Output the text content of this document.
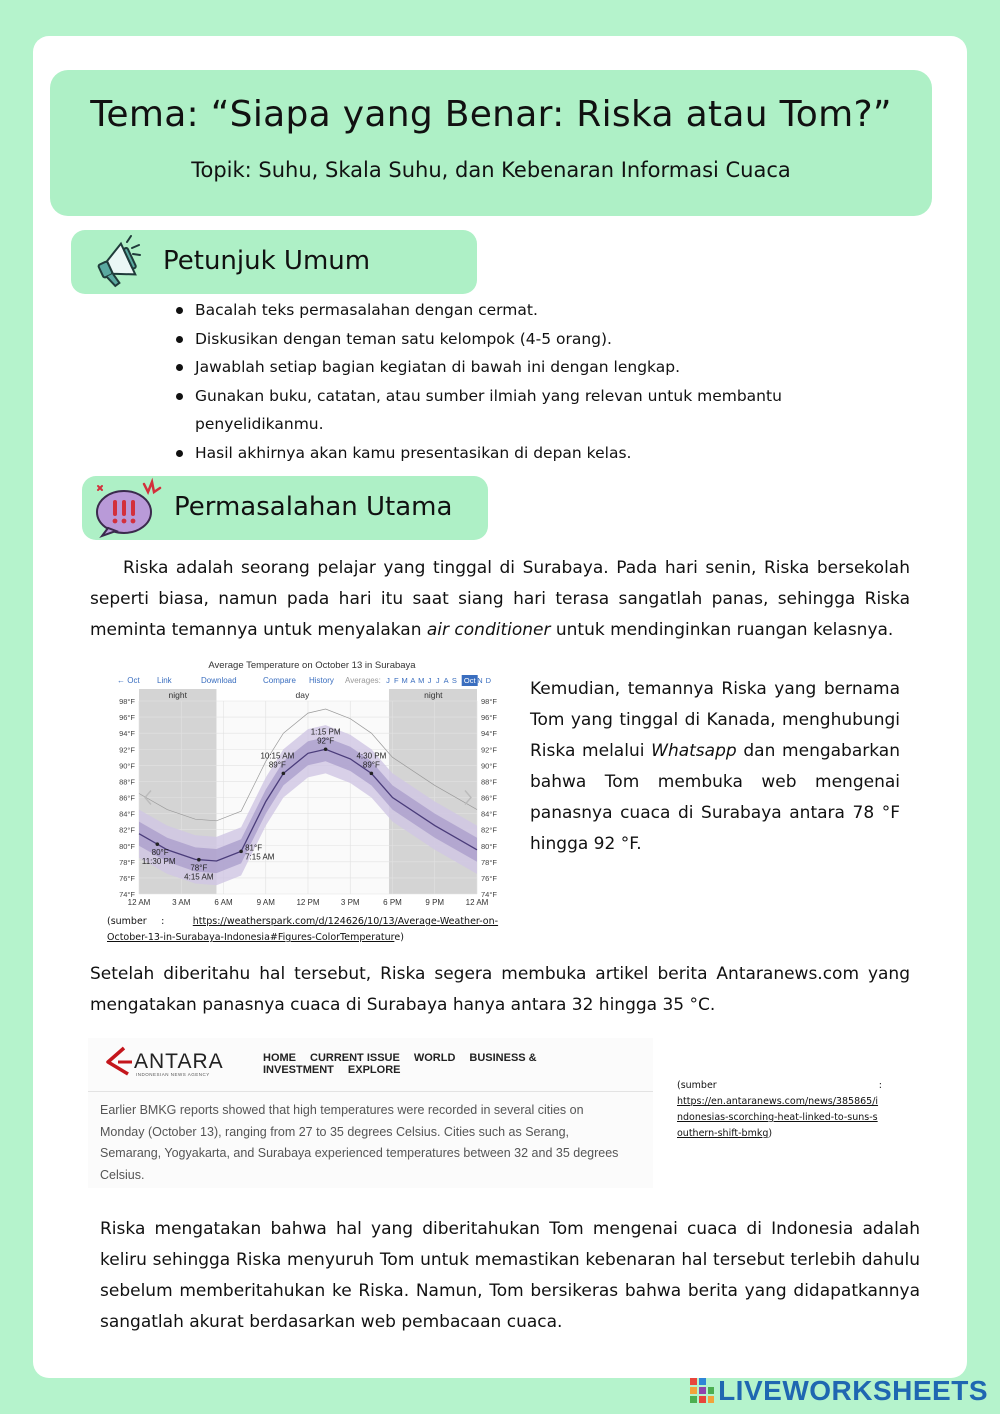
Tema: “Siapa yang Benar: Riska atau Tom?”
Topik: Suhu, Skala Suhu, dan Kebenaran Informasi Cuaca
Petunjuk Umum
Bacalah teks permasalahan dengan cermat.
Diskusikan dengan teman satu kelompok (4-5 orang).
Jawablah setiap bagian kegiatan di bawah ini dengan lengkap.
Gunakan buku, catatan, atau sumber ilmiah yang relevan untuk membantu penyelidikanmu.
Hasil akhirnya akan kamu presentasikan di depan kelas.
Permasalahan Utama
Riska adalah seorang pelajar yang tinggal di Surabaya. Pada hari senin, Riska bersekolah seperti biasa, namun pada hari itu saat siang hari terasa sangatlah panas, sehingga Riska meminta temannya untuk menyalakan air conditioner untuk mendinginkan ruangan kelasnya.
Average Temperature on October 13 in Surabaya
← Oct Link	Download	Compare History Averages: J F M A M J J A S Oct N D
night	day	night
74°F	74°F
76°F	76°F
78°F	78°F
80°F	80°F
82°F	82°F
84°F	84°F
86°F	86°F
88°F	88°F
90°F	90°F
92°F	92°F
94°F	94°F
96°F	96°F
98°F	98°F
12 AM	3 AM	6 AM	9 AM	12 PM	3 PM	6 PM	9 PM	12 AM
80°F
11:30 PM
78°F
4:15 AM
81°F
7:15 AM
10:15 AM
89°F
1:15 PM
92°F
4:30 PM
89°F
Kemudian, temannya Riska yang bernama Tom yang tinggal di Kanada, menghubungi Riska melalui Whatsapp dan mengabarkan bahwa Tom membuka web mengenai panasnya cuaca di Surabaya antara 78 °F hingga 92 °F.
(sumber :	https://weatherspark.com/d/124626/10/13/Average-Weather-on-
October-13-in-Surabaya-Indonesia#Figures-ColorTemperature)
Setelah diberitahu hal tersebut, Riska segera membuka artikel berita Antaranews.com yang mengatakan panasnya cuaca di Surabaya hanya antara 32 hingga 35 °C.
ANTARA
INDONESIAN NEWS AGENCY
HOME CURRENT ISSUE WORLD BUSINESS & INVESTMENT EXPLORE
Earlier BMKG reports showed that high temperatures were recorded in several cities on Monday (October 13), ranging from 27 to 35 degrees Celsius. Cities such as Serang, Semarang, Yogyakarta, and Surabaya experienced temperatures between 32 and 35 degrees Celsius.
(sumber	:
https://en.antaranews.com/news/385865/indonesias-scorching-heat-linked-to-suns-southern-shift-bmkg)
Riska mengatakan bahwa hal yang diberitahukan Tom mengenai cuaca di Indonesia adalah keliru sehingga Riska menyuruh Tom untuk memastikan kebenaran hal tersebut terlebih dahulu sebelum memberitahukan ke Riska. Namun, Tom bersikeras bahwa berita yang didapatkannya sangatlah akurat berdasarkan web pembacaan cuaca.
LIVEWORKSHEETS
